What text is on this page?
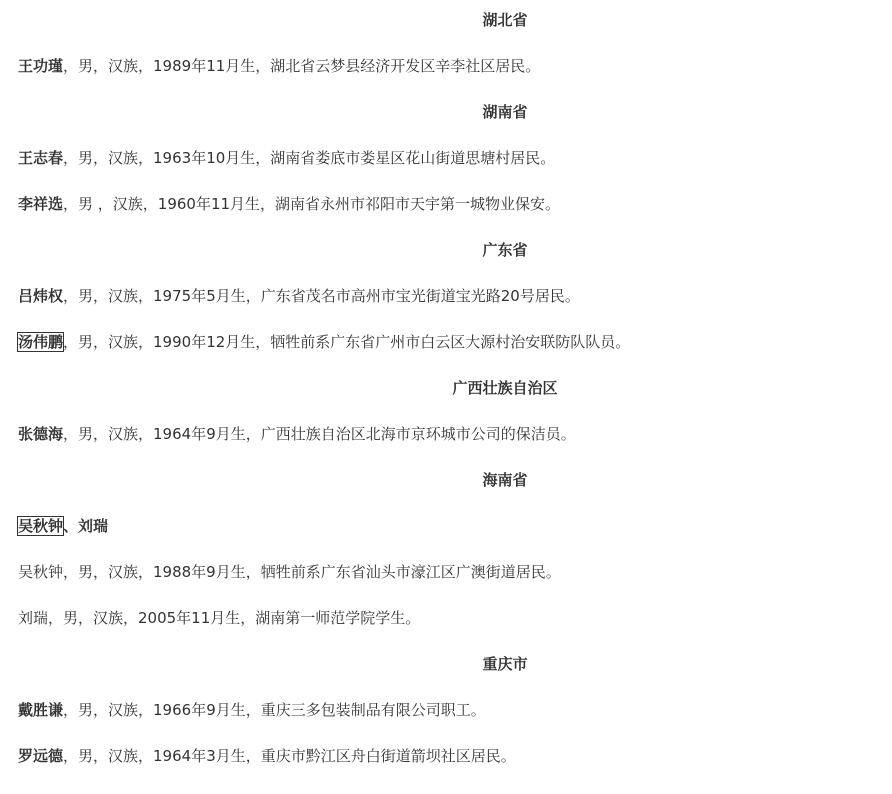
湖北省
王功瑾，男，汉族，1989年11月生，湖北省云梦县经济开发区辛李社区居民。
湖南省
王志春，男，汉族，1963年10月生，湖南省娄底市娄星区花山街道思塘村居民。
李祥选，男 ，汉族，1960年11月生，湖南省永州市祁阳市天宇第一城物业保安。
广东省
吕炜权，男，汉族，1975年5月生，广东省茂名市高州市宝光街道宝光路20号居民。
汤伟鹏，男，汉族，1990年12月生，牺牲前系广东省广州市白云区大源村治安联防队队员。
广西壮族自治区
张德海，男，汉族，1964年9月生，广西壮族自治区北海市京环城市公司的保洁员。
海南省
吴秋钟、刘瑞
吴秋钟，男，汉族，1988年9月生，牺牲前系广东省汕头市濠江区广澳街道居民。
刘瑞，男，汉族，2005年11月生，湖南第一师范学院学生。
重庆市
戴胜谦，男，汉族，1966年9月生，重庆三多包装制品有限公司职工。
罗远德，男，汉族，1964年3月生，重庆市黔江区舟白街道箭坝社区居民。
